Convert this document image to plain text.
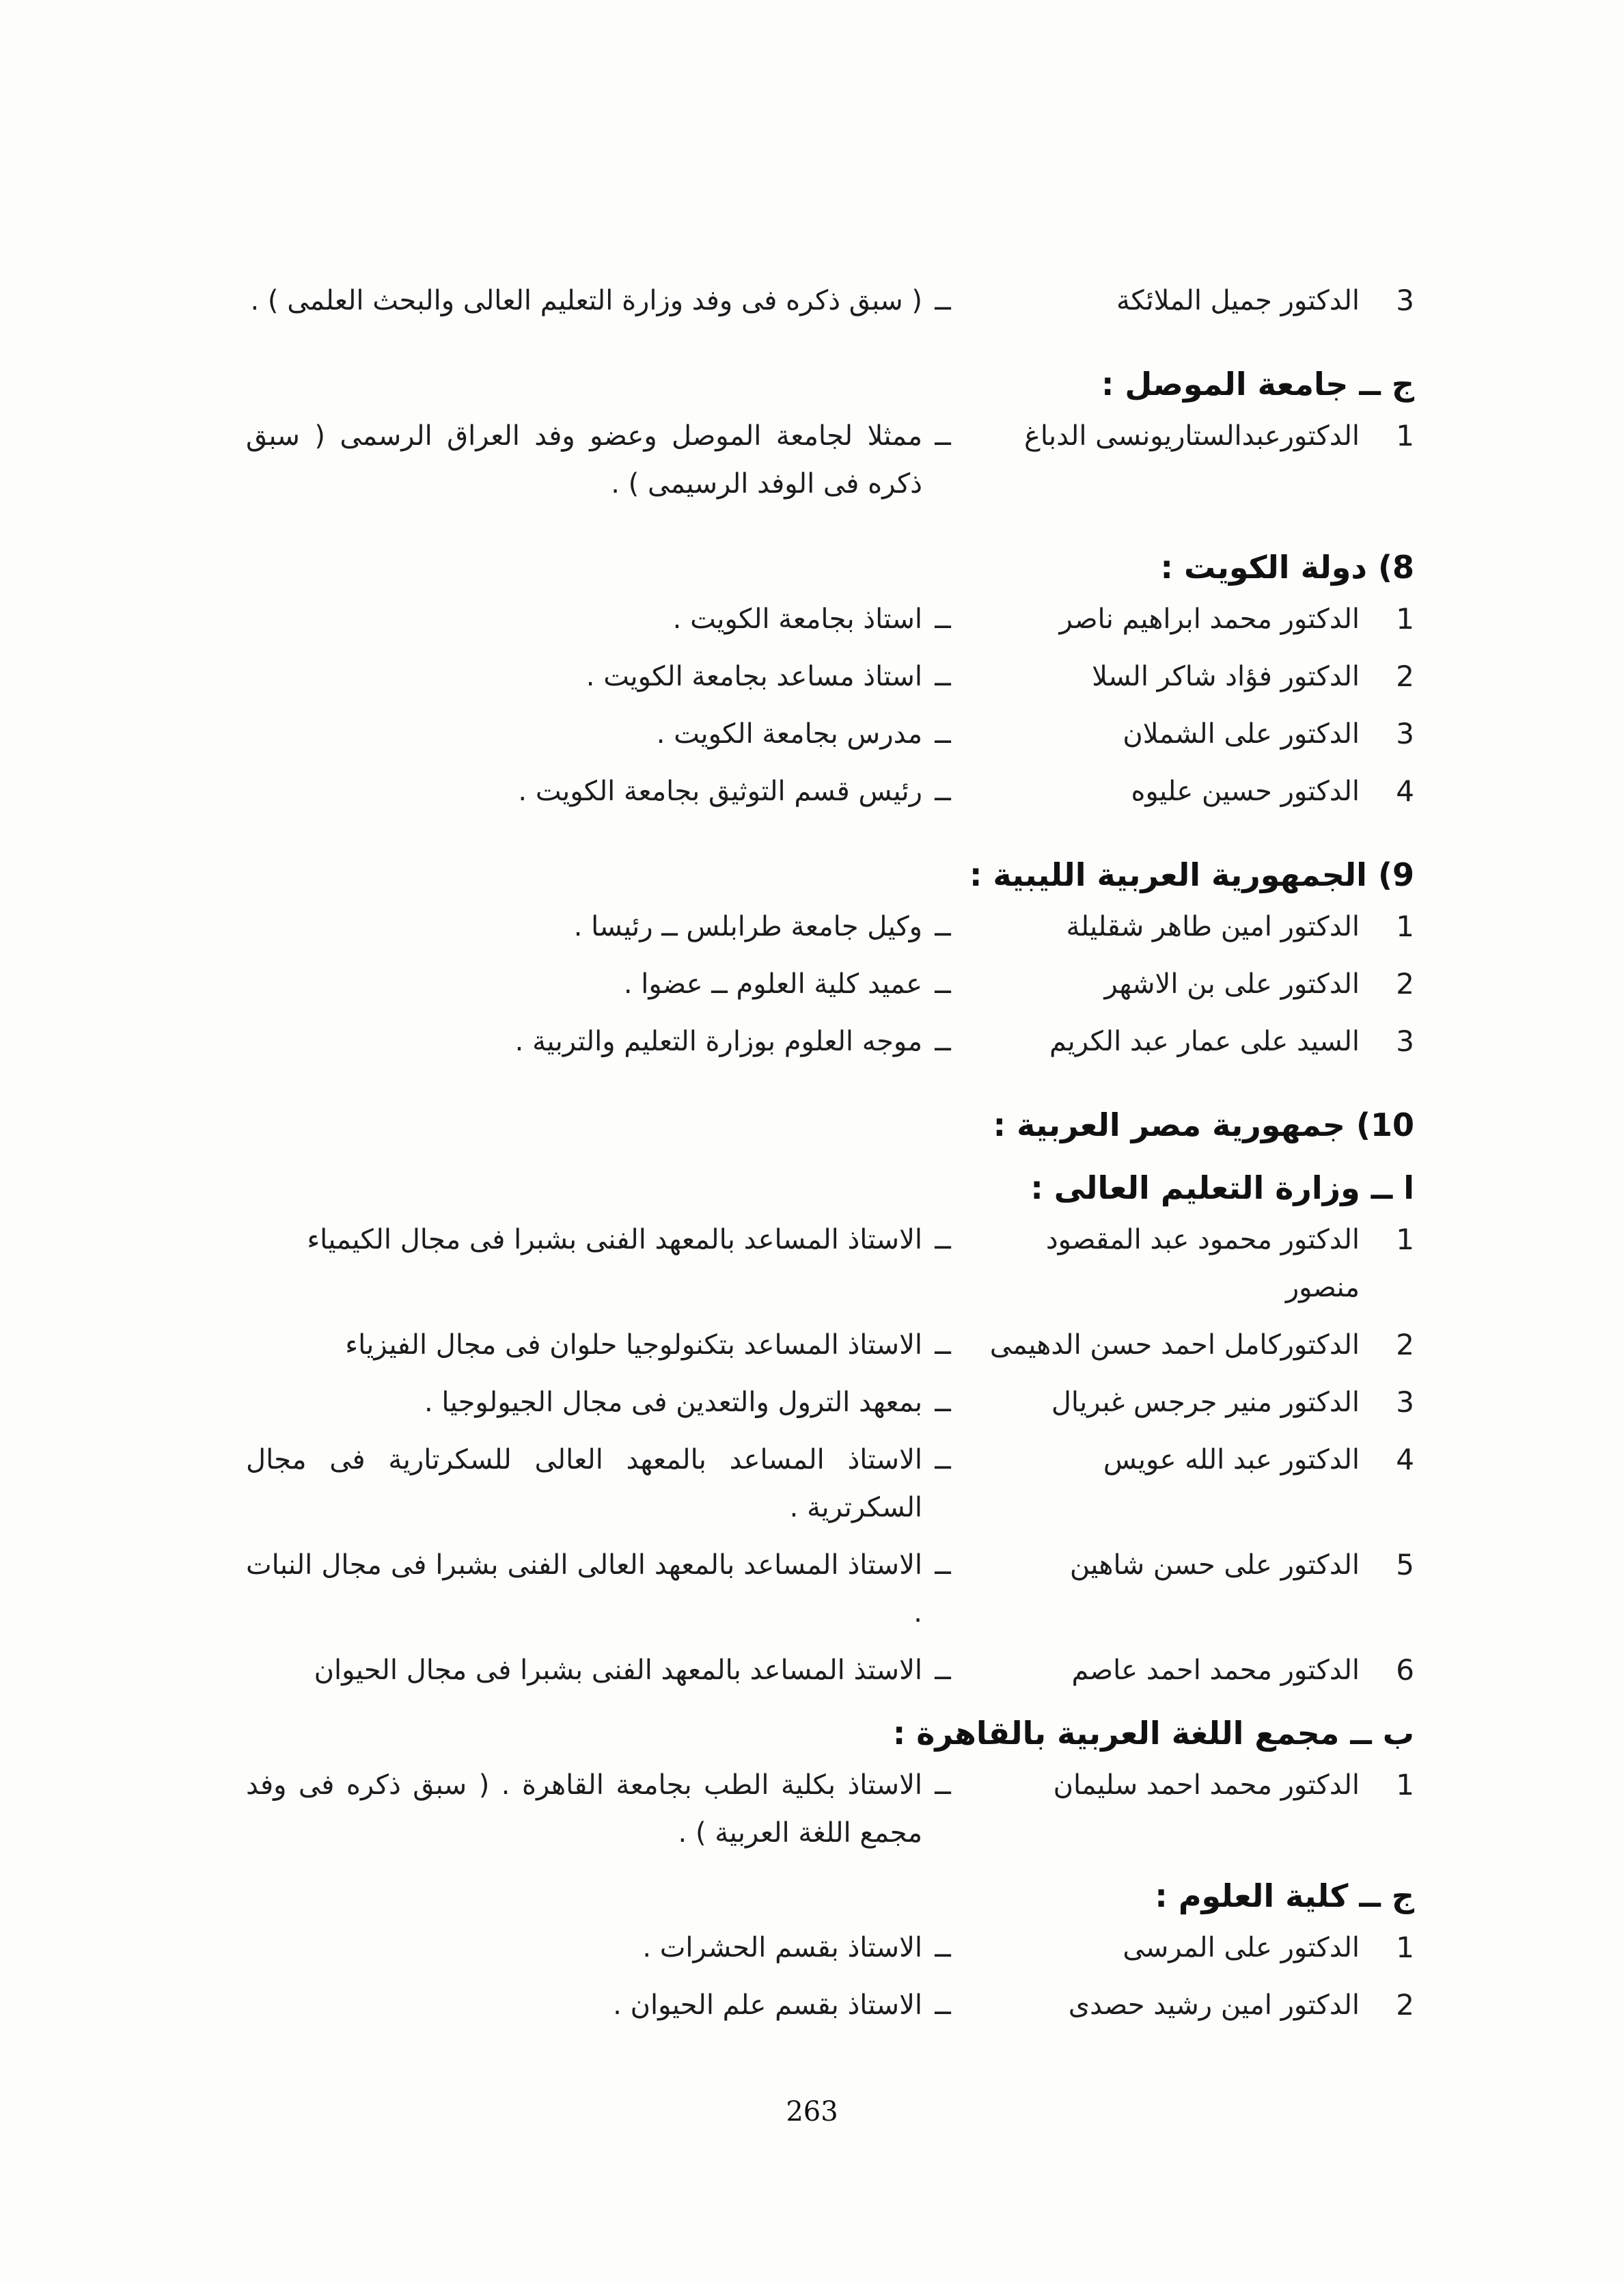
3
الدكتور جميل الملائكة
ــ
( سبق ذكره فى وفد وزارة التعليم العالى والبحث العلمى ) .
ج ــ جامعة الموصل :
1
الدكتورعبدالستاريونسى الدباغ
ــ
ممثلا لجامعة الموصل وعضو وفد العراق الرسمى ( سبق ذكره فى الوفد الرسيمى ) .
8) دولة الكويت :
1
الدكتور محمد ابراهيم ناصر
ــ
استاذ بجامعة الكويت .
2
الدكتور فؤاد شاكر السلا
ــ
استاذ مساعد بجامعة الكويت .
3
الدكتور على الشملان
ــ
مدرس بجامعة الكويت .
4
الدكتور حسين عليوه
ــ
رئيس قسم التوثيق بجامعة الكويت .
9) الجمهورية العربية الليبية :
1
الدكتور امين طاهر شقليلة
ــ
وكيل جامعة طرابلس ــ رئيسا .
2
الدكتور على بن الاشهر
ــ
عميد كلية العلوم ــ عضوا .
3
السيد على عمار عبد الكريم
ــ
موجه العلوم بوزارة التعليم والتربية .
10) جمهورية مصر العربية :
ا ــ وزارة التعليم العالى :
1
الدكتور محمود عبد المقصود منصور
ــ
الاستاذ المساعد بالمعهد الفنى بشبرا فى مجال الكيمياء
2
الدكتوركامل احمد حسن الدهيمى
ــ
الاستاذ المساعد بتكنولوجيا حلوان فى مجال الفيزياء
3
الدكتور منير جرجس غبريال
ــ
بمعهد الترول والتعدين فى مجال الجيولوجيا .
4
الدكتور عبد الله عويس
ــ
الاستاذ المساعد بالمعهد العالى للسكرتارية فى مجال السكرترية .
5
الدكتور على حسن شاهين
ــ
الاستاذ المساعد بالمعهد العالى الفنى بشبرا فى مجال النبات .
6
الدكتور محمد احمد عاصم
ــ
الاستذ المساعد بالمعهد الفنى بشبرا فى مجال الحيوان
ب ــ مجمع اللغة العربية بالقاهرة :
1
الدكتور محمد احمد سليمان
ــ
الاستاذ بكلية الطب بجامعة القاهرة . ( سبق ذكره فى وفد مجمع اللغة العربية ) .
ج ــ كلية العلوم :
1
الدكتور على المرسى
ــ
الاستاذ بقسم الحشرات .
2
الدكتور امين رشيد حصدى
ــ
الاستاذ بقسم علم الحيوان .
263
